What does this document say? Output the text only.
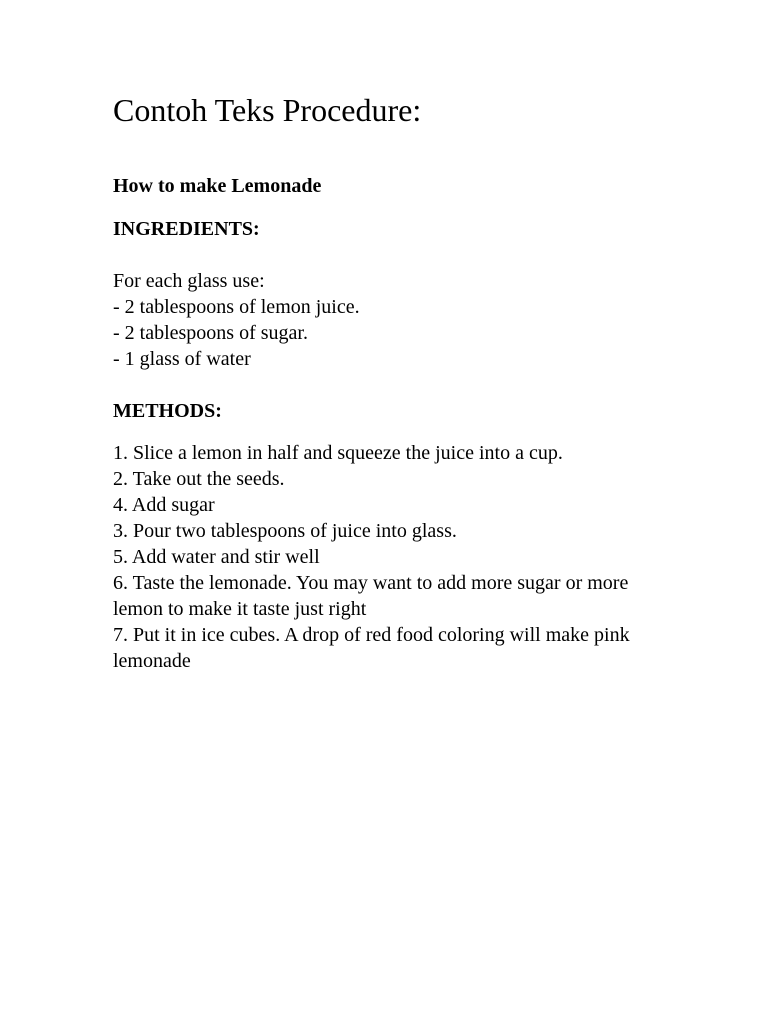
Contoh Teks Procedure:
How to make Lemonade
INGREDIENTS:

For each glass use:

- 2 tablespoons of lemon juice.
- 2 tablespoons of sugar.
- 1 glass of water
METHODS:
1. Slice a lemon in half and squeeze the juice into a cup.
2. Take out the seeds.
4. Add sugar
3. Pour two tablespoons of juice into glass.
5. Add water and stir well
6. Taste the lemonade. You may want to add more sugar or more lemon to make it taste just right
7. Put it in ice cubes. A drop of red food coloring will make pink lemonade
